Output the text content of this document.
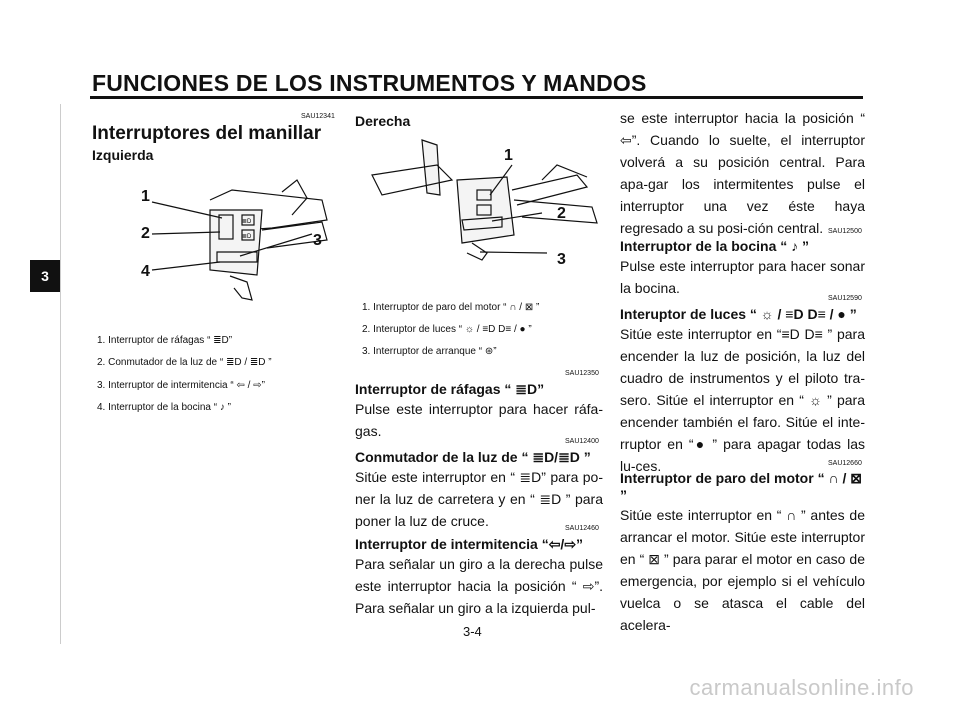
FUNCIONES DE LOS INSTRUMENTOS Y MANDOS
3
SAU12341
Interruptores del manillar
Izquierda
≣D
≣D
1
2	3
4
1. Interruptor de ráfagas “ ≣D”
2. Conmutador de la luz de “ ≣D / ≣D ”
3. Interruptor de intermitencia “ ⇦ / ⇨”
4. Interruptor de la bocina “ ♪ ”
Derecha
1
2
3
1. Interruptor de paro del motor “ ∩ / ⊠ ”
2. Interuptor de luces “ ☼ / ≡D D≡ / ● ”
3. Interruptor de arranque “ ⊛”
SAU12350
Interruptor de ráfagas “ ≣D”
Pulse este interruptor para hacer ráfa-gas.
SAU12400
Conmutador de la luz de “ ≣D/≣D ”
Sitúe este interruptor en “ ≣D” para po-ner la luz de carretera y en “ ≣D ” para poner la luz de cruce.	SAU12460
Interruptor de intermitencia “⇦/⇨”
Para señalar un giro a la derecha pulse este interruptor hacia la posición “ ⇨”. Para señalar un giro a la izquierda pul-
se este interruptor hacia la posición “ ⇦”. Cuando lo suelte, el interruptor volverá a su posición central. Para apa-gar los intermitentes pulse el interruptor una vez éste haya regresado a su posi-ción central. SAU12500
Interruptor de la bocina “ ♪ ”
Pulse este interruptor para hacer sonar la bocina.
SAU12590
Interuptor de luces “ ☼ / ≡D D≡ / ● ”
Sitúe este interruptor en “≡D D≡ ” para encender la luz de posición, la luz del cuadro de instrumentos y el piloto tra-sero. Sitúe el interruptor en “ ☼ ” para encender también el faro. Sitúe el inte-rruptor en “● ” para apagar todas las lu-ces.	SAU12660
Interruptor de paro del motor “ ∩ / ⊠ ”
Sitúe este interruptor en “ ∩ ” antes de arrancar el motor. Sitúe este interruptor en “ ⊠ ” para parar el motor en caso de emergencia, por ejemplo si el vehículo vuelca o se atasca el cable del acelera-
3-4
carmanualsonline.info
